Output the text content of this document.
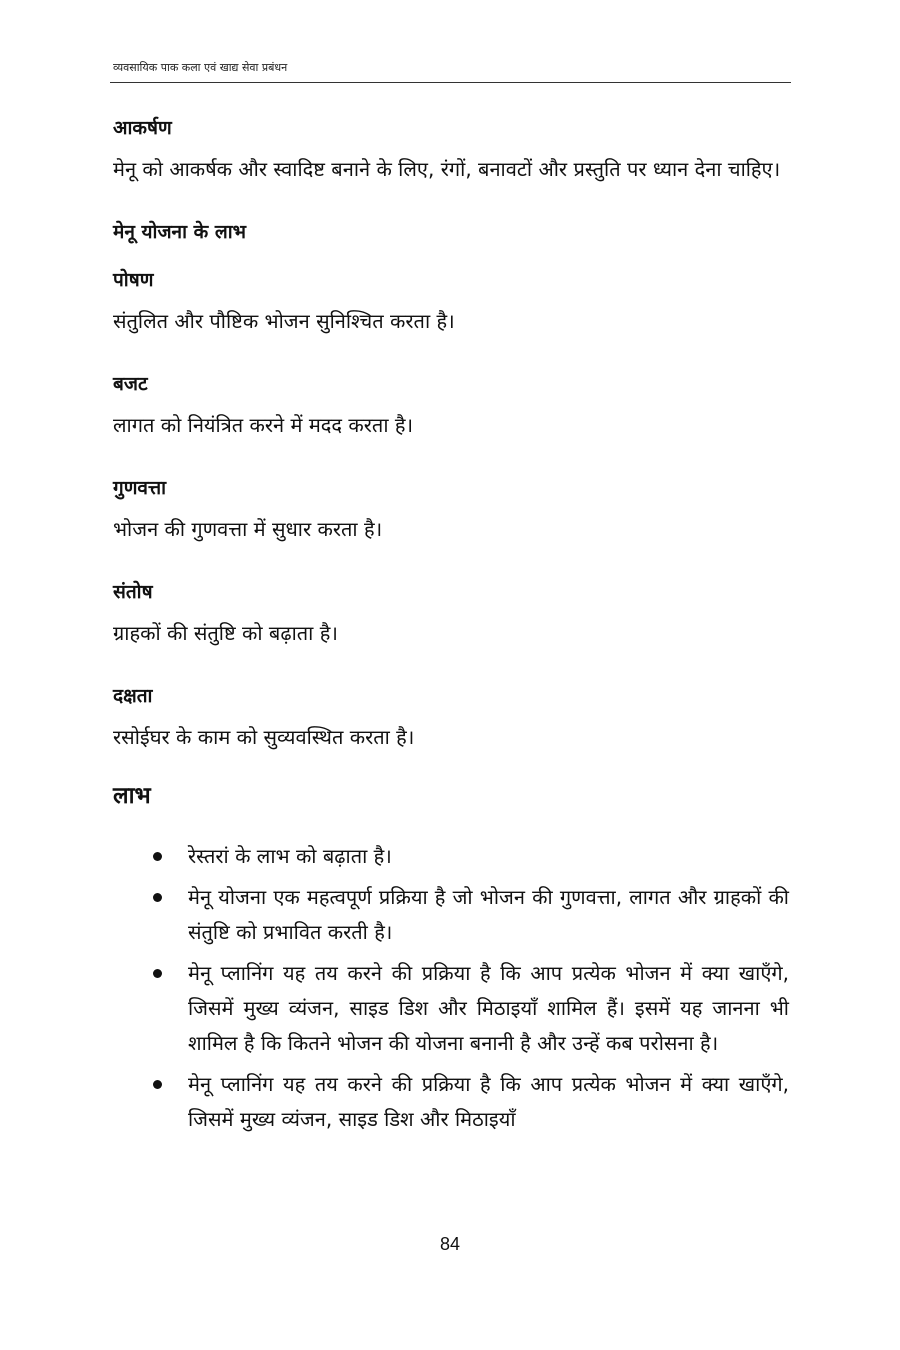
व्यवसायिक पाक कला एवं खाद्य सेवा प्रबंधन
आकर्षण

मेनू को आकर्षक और स्वादिष्ट बनाने के लिए, रंगों, बनावटों और प्रस्तुति पर ध्यान देना चाहिए।

मेनू योजना के लाभ
पोषण

संतुलित और पौष्टिक भोजन सुनिश्चित करता है।

बजट

लागत को नियंत्रित करने में मदद करता है।

गुणवत्ता

भोजन की गुणवत्ता में सुधार करता है।

संतोष

ग्राहकों की संतुष्टि को बढ़ाता है।

दक्षता

रसोईघर के काम को सुव्यवस्थित करता है।

लाभ
रेस्तरां के लाभ को बढ़ाता है।
मेनू योजना एक महत्वपूर्ण प्रक्रिया है जो भोजन की गुणवत्ता, लागत और ग्राहकों की संतुष्टि को प्रभावित करती है।
मेनू प्लानिंग यह तय करने की प्रक्रिया है कि आप प्रत्येक भोजन में क्या खाएँगे, जिसमें मुख्य व्यंजन, साइड डिश और मिठाइयाँ शामिल हैं। इसमें यह जानना भी शामिल है कि कितने भोजन की योजना बनानी है और उन्हें कब परोसना है।
मेनू प्लानिंग यह तय करने की प्रक्रिया है कि आप प्रत्येक भोजन में क्या खाएँगे, जिसमें मुख्य व्यंजन, साइड डिश और मिठाइयाँ
84
